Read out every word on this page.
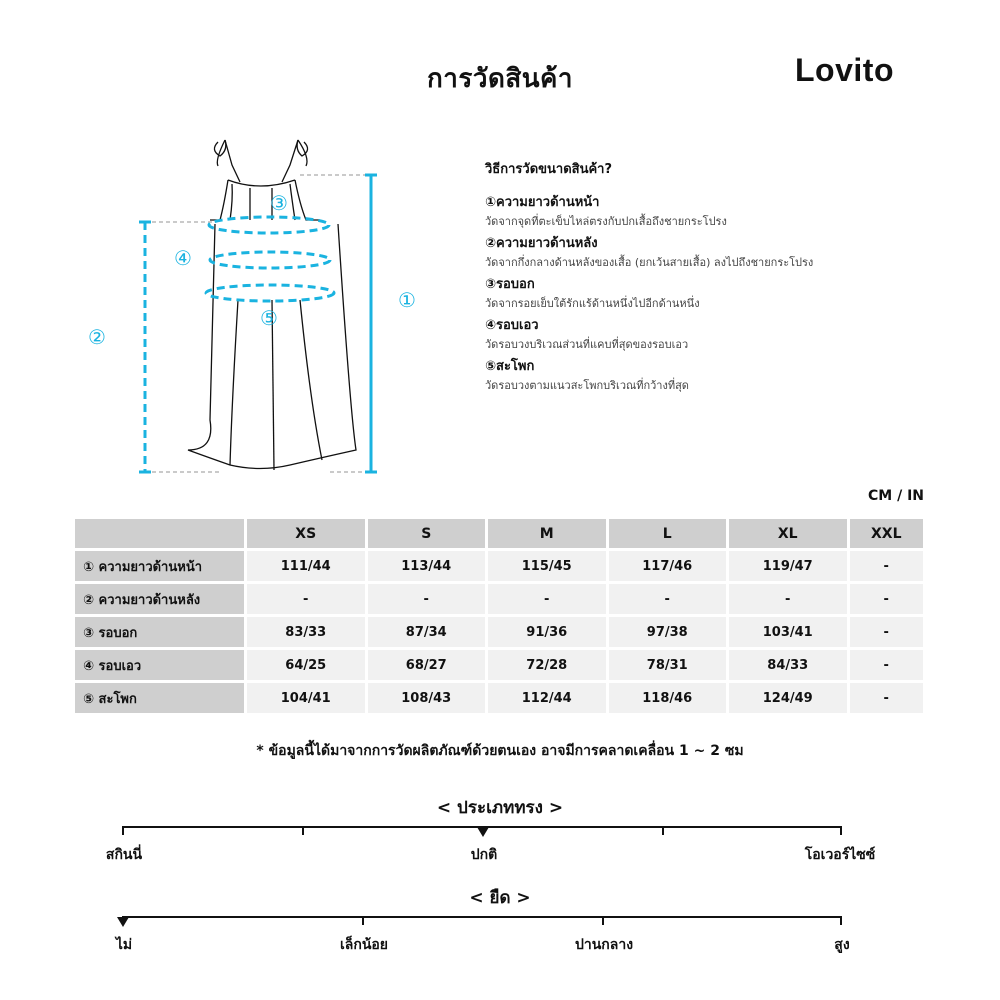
การวัดสินค้า	Lovito
①
②
③
④
⑤
วิธีการวัดขนาดสินค้า?
①ความยาวด้านหน้า
วัดจากจุดที่ตะเข็บไหล่ตรงกับปกเสื้อถึงชายกระโปรง
②ความยาวด้านหลัง
วัดจากกึ่งกลางด้านหลังของเสื้อ (ยกเว้นสายเสื้อ) ลงไปถึงชายกระโปรง
③รอบอก
วัดจากรอยเย็บใต้รักแร้ด้านหนึ่งไปอีกด้านหนึ่ง
④รอบเอว
วัดรอบวงบริเวณส่วนที่แคบที่สุดของรอบเอว
⑤สะโพก
วัดรอบวงตามแนวสะโพกบริเวณที่กว้างที่สุด
CM / IN
	XS	S	M	L	XL	XXL
① ความยาวด้านหน้า	111/44	113/44	115/45	117/46	119/47	-
② ความยาวด้านหลัง	-	-	-	-	-	-
③ รอบอก	83/33	87/34	91/36	97/38	103/41	-
④ รอบเอว	64/25	68/27	72/28	78/31	84/33	-
⑤ สะโพก	104/41	108/43	112/44	118/46	124/49	-
* ข้อมูลนี้ได้มาจากการวัดผลิตภัณฑ์ด้วยตนเอง อาจมีการคลาดเคลื่อน 1 ~ 2 ซม
< ประเภททรง >
สกินนี่	ปกติ	โอเวอร์ไซซ์
< ยืด >
ไม่	เล็กน้อย	ปานกลาง	สูง
